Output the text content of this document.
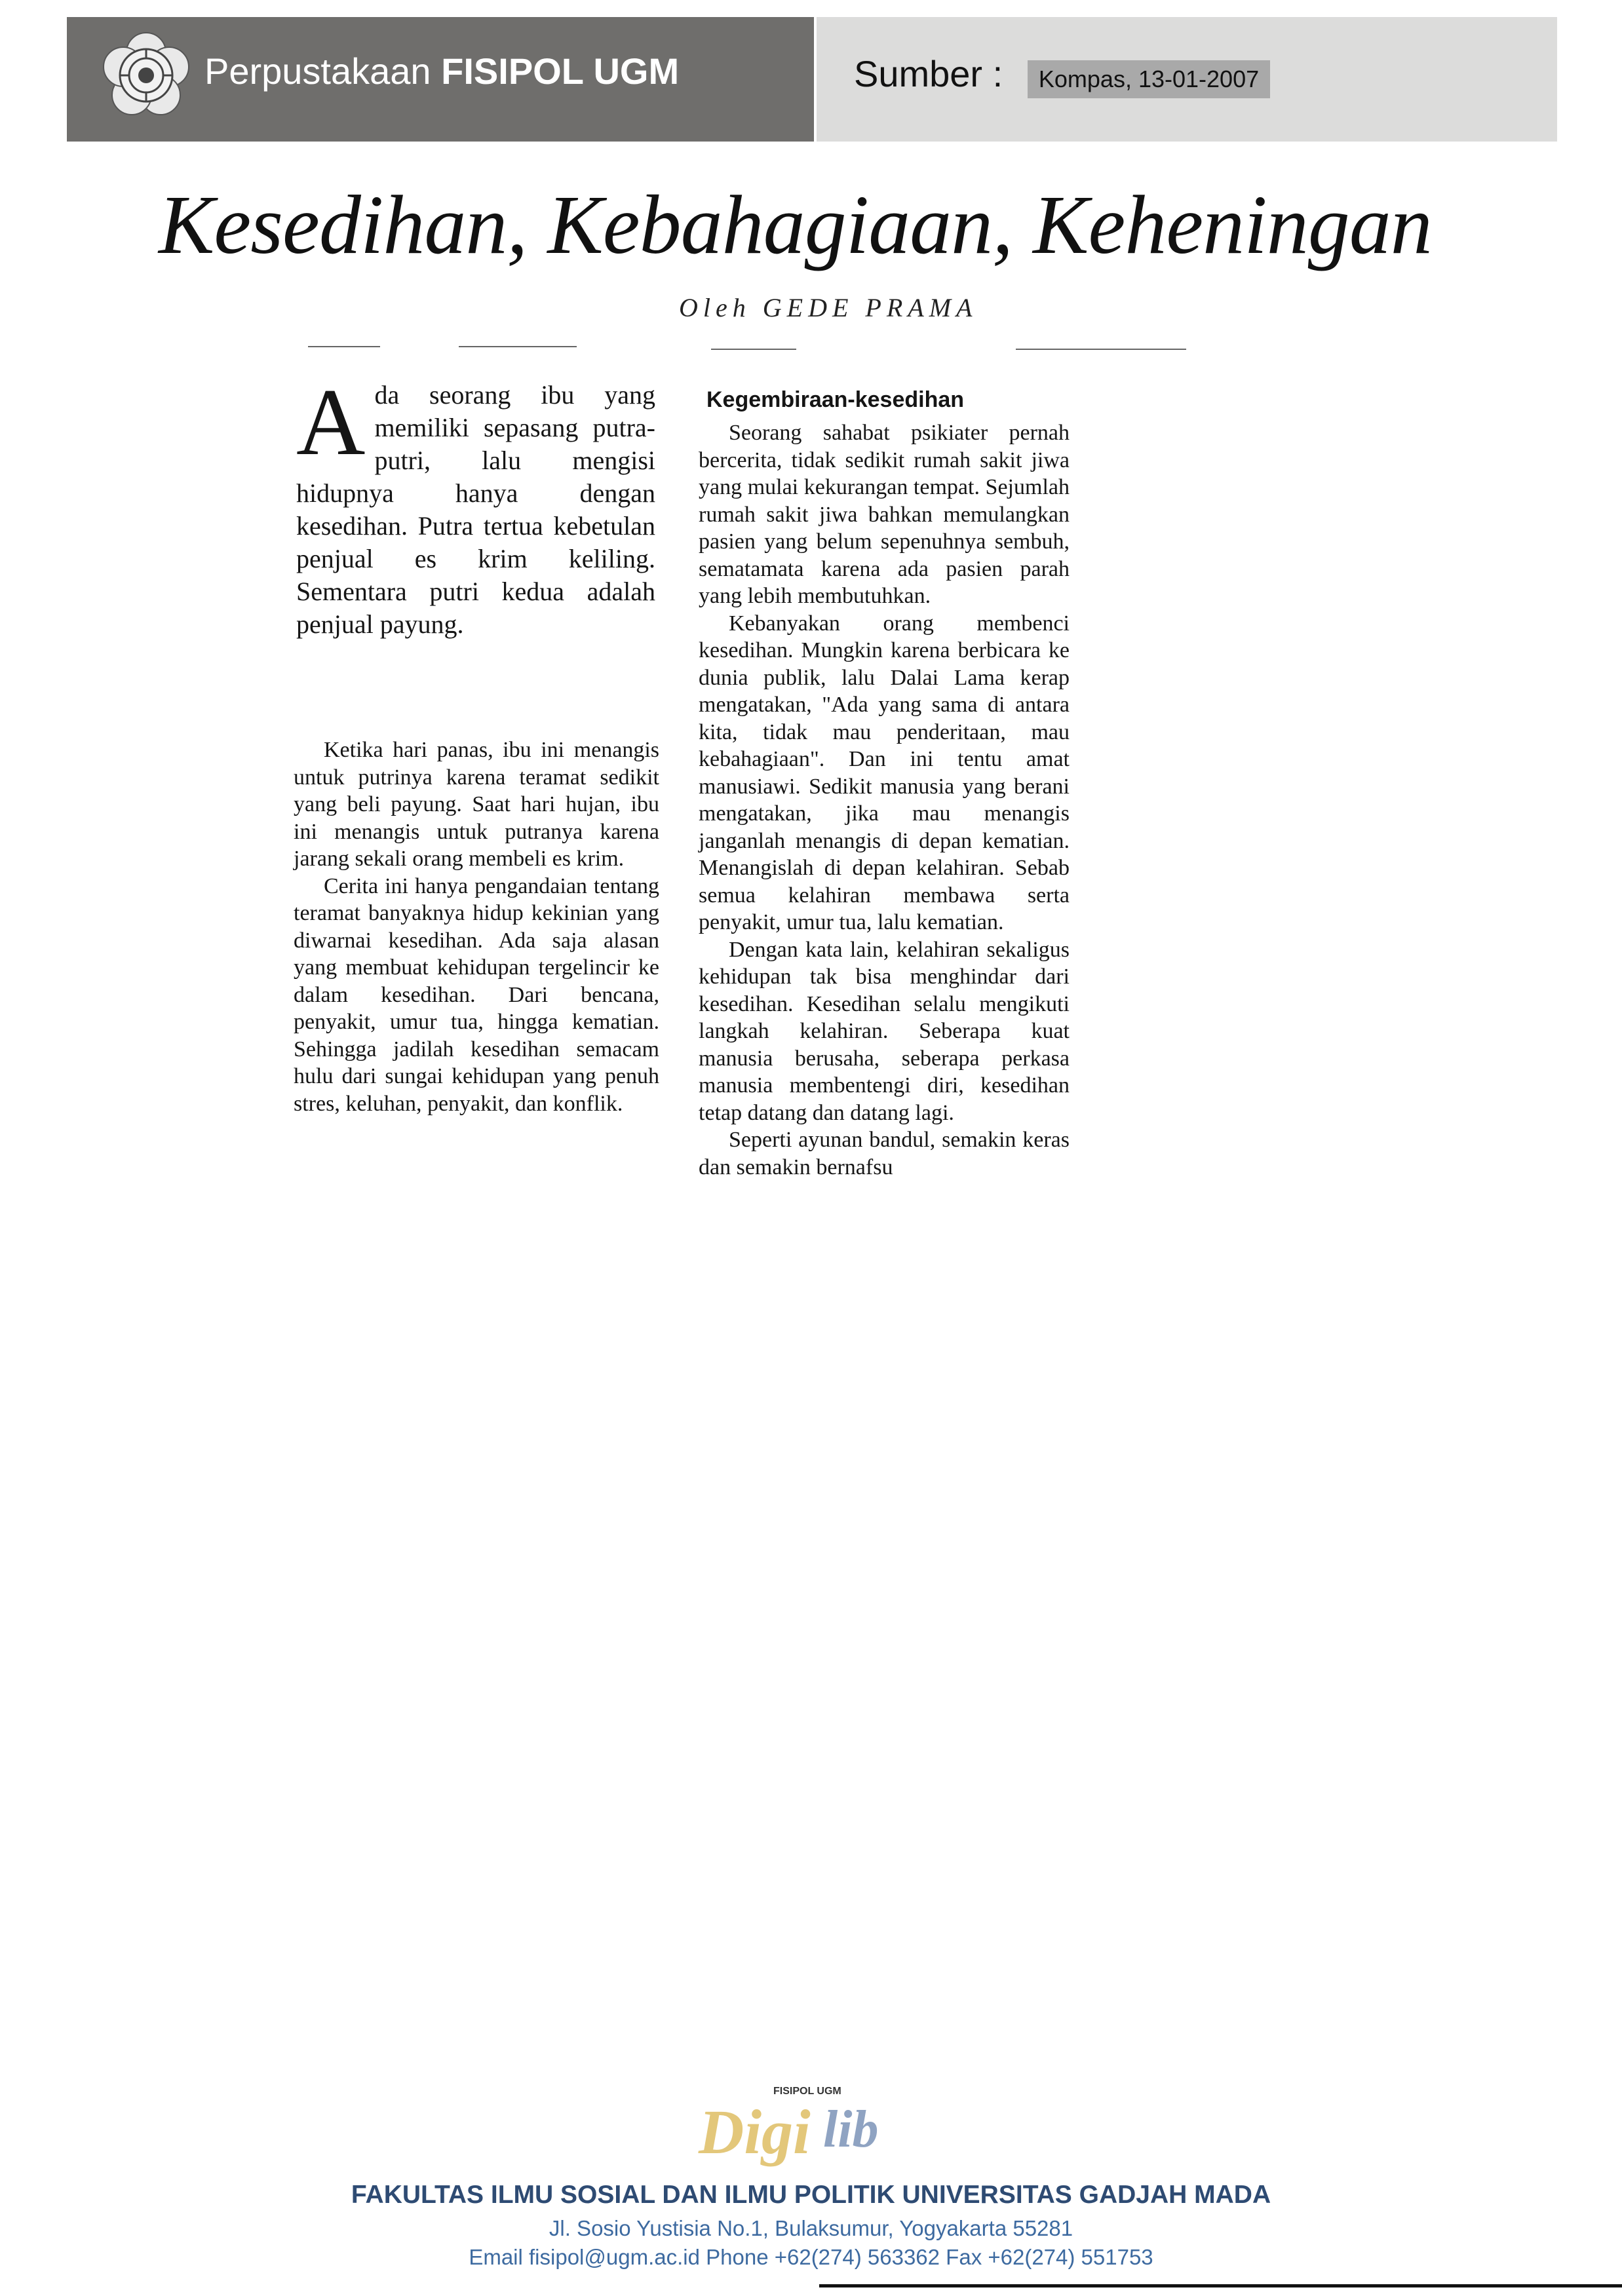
Perpustakaan FISIPOL UGM	Sumber :	Kompas, 13-01-2007
Kesedihan, Kebahagiaan, Keheningan
Oleh GEDE PRAMA
A da seorang ibu yang memiliki sepasang putra-putri, lalu mengisi hidupnya hanya dengan kesedihan. Putra tertua kebetulan penjual es krim keliling. Sementara putri kedua adalah penjual payung.

Ketika hari panas, ibu ini menangis untuk putrinya karena teramat sedikit yang beli payung. Saat hari hujan, ibu ini menangis untuk putranya karena jarang sekali orang membeli es krim.

Cerita ini hanya pengandaian tentang teramat banyaknya hidup kekinian yang diwarnai kesedihan. Ada saja alasan yang membuat kehidupan tergelincir ke dalam kesedihan. Dari bencana, penyakit, umur tua, hingga kematian. Sehingga jadilah kesedihan semacam hulu dari sungai kehidupan yang penuh stres, keluhan, penyakit, dan konflik.

Kegembiraan-kesedihan

Seorang sahabat psikiater pernah bercerita, tidak sedikit rumah sakit jiwa yang mulai kekurangan tempat. Sejumlah rumah sakit jiwa bahkan memulangkan pasien yang belum sepenuhnya sembuh, sematamata karena ada pasien parah yang lebih membutuhkan.

Kebanyakan orang membenci kesedihan. Mungkin karena berbicara ke dunia publik, lalu Dalai Lama kerap mengatakan, "Ada yang sama di antara kita, tidak mau penderitaan, mau kebahagiaan". Dan ini tentu amat manusiawi. Sedikit manusia yang berani mengatakan, jika mau menangis janganlah menangis di depan kematian. Menangislah di depan kelahiran. Sebab semua kelahiran membawa serta penyakit, umur tua, lalu kematian.

Dengan kata lain, kelahiran sekaligus kehidupan tak bisa menghindar dari kesedihan. Kesedihan selalu mengikuti langkah kelahiran. Seberapa kuat manusia berusaha, seberapa perkasa manusia membentengi diri, kesedihan tetap datang dan datang lagi.

Seperti ayunan bandul, semakin keras dan semakin bernafsu

FISIPOL UGM
Digi lib
FAKULTAS ILMU SOSIAL DAN ILMU POLITIK UNIVERSITAS GADJAH MADA
Jl. Sosio Yustisia No.1, Bulaksumur, Yogyakarta 55281
Email fisipol@ugm.ac.id Phone +62(274) 563362 Fax +62(274) 551753
